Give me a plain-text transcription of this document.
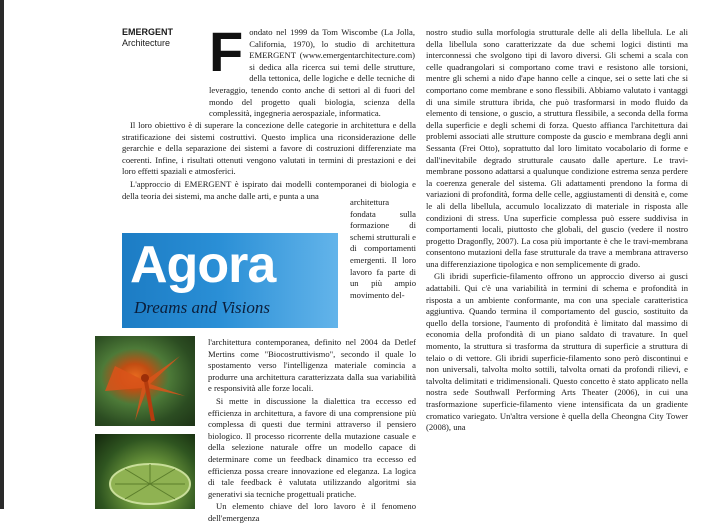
EMERGENT
Architecture F ondato nel 1999 da Tom Wiscombe (La Jolla, California, 1970), lo studio di architettura EMERGENT (www.emergentarchitecture.com) si dedica alla ricerca sui temi delle strutture, della tettonica, delle logiche e delle tecniche di leveraggio, tenendo conto anche di settori al di fuori del mondo del progetto quali biologia, scienza della complessità, ingegneria aerospaziale, informatica.

Il loro obiettivo è di superare la concezione delle categorie in architettura e della stratificazione dei sistemi costruttivi. Questo implica una riconsiderazione delle gerarchie e della separazione dei sistemi a favore di costruzioni differenziate ma coerenti. Infine, i risultati ottenuti vengono valutati in termini di prestazioni e dei loro effetti spaziali e atmosferici.

L'approccio di EMERGENT è ispirato dai modelli contemporanei di biologia e della teoria dei sistemi, ma anche dalle arti, e punta a una

architettura fondata sulla formazione di schemi strutturali e di comportamenti emergenti. Il loro lavoro fa parte di un più ampio movimento del-

Agora
Dreams and Visions

l'architettura contemporanea, definito nel 2004 da Detlef Mertins come "Biocostruttivismo", secondo il quale lo spostamento verso l'intelligenza materiale comincia a produrre una architettura caratterizzata dalla sua variabilità e responsività alle forze locali.

Si mette in discussione la dialettica tra eccesso ed efficienza in architettura, a favore di una comprensione più complessa di questi due termini attraverso il pensiero biologico. Il processo ricorrente della mutazione casuale e della selezione naturale offre un modello capace di determinare come un feedback dinamico tra eccesso ed efficienza possa creare innovazione ed eleganza. La logica di tale feedback è valutata utilizzando algoritmi sia generativi sia tecniche progettuali pratiche.

Un elemento chiave del loro lavoro è il fenomeno dell'emergenza

nostro studio sulla morfologia strutturale delle ali della libellula. Le ali della libellula sono caratterizzate da due schemi logici distinti ma interconnessi che svolgono tipi di lavoro diversi. Gli schemi a scala con celle quadrangolari si comportano come travi e resistono alle torsioni, mentre gli schemi a nido d'ape hanno celle a cinque, sei o sette lati che si comportano come membrane e sono flessibili. Abbiamo valutato i vantaggi di una simile struttura ibrida, che può trasformarsi in modo fluido da elemento di tensione, o guscio, a struttura flessibile, a seconda della forma della superficie e degli schemi di forza. Questo affianca l'architettura dai problemi associati alle strutture composte da guscio e membrana degli anni Sessanta (Frei Otto), soprattutto dal loro limitato vocabolario di forme e dall'inevitabile degrado strutturale causato dalle aperture. Le travi-membrane possono adattarsi a qualunque condizione estrema senza perdere la coerenza generale del sistema. Gli adattamenti prendono la forma di variazioni di profondità, forma delle celle, aggiustamenti di densità e, come le ali della libellula, accumulo localizzato di materiale in risposta alle condizioni di stress. Una superficie complessa può essere suddivisa in comportamenti locali, piuttosto che globali, del guscio (vedere il nostro progetto Dragonfly, 2007). La cosa più importante è che le travi-membrana consentono mutazioni della fase strutturale da trave a membrana attraverso una differenziazione tipologica e non semplicemente di grado.

Gli ibridi superficie-filamento offrono un approccio diverso ai gusci adattabili. Qui c'è una variabilità in termini di schema e profondità in risposta a un ambiente conformante, ma con una speciale caratteristica aggiuntiva. Quando termina il comportamento del guscio, sostituito da quello della torsione, l'aumento di profondità è limitato dal massimo di economia della profondità di un piano saldato di travature. In quel momento, la struttura si trasforma da struttura di superficie a struttura di telaio o di vettore. Gli ibridi superficie-filamento sono però discontinui e non universali, talvolta molto sottili, talvolta ornati da profondi rilievi, e talvolta delimitati e tridimensionali. Questo concetto è stato applicato nella nostra sede Southwall Performing Arts Theater (2006), in cui una trasformazione superficie-filamento viene intensificata da un gradiente cromatico variegato. Un'altra versione è quella della Cheongna City Tower (2008), una
